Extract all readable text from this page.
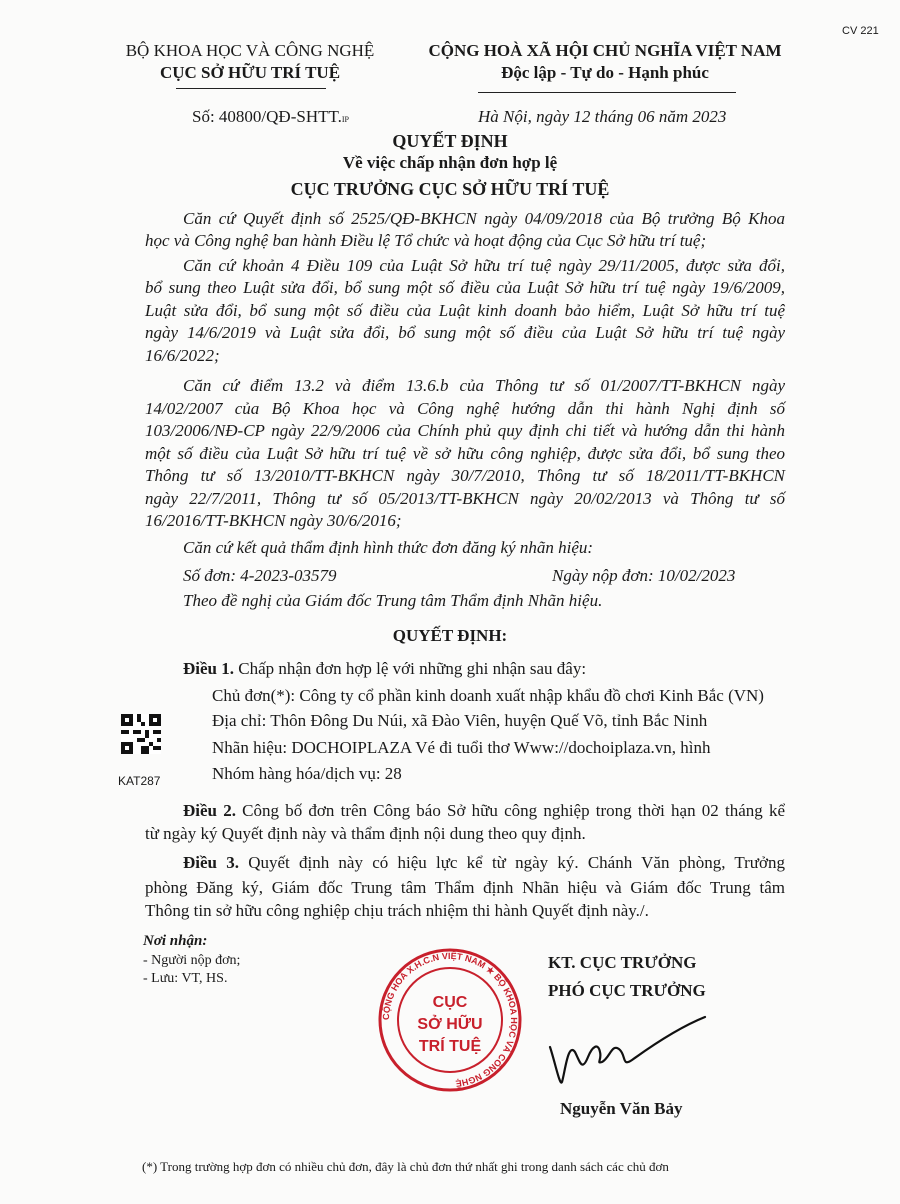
CV 221
BỘ KHOA HỌC VÀ CÔNG NGHỆ
CỤC SỞ HỮU TRÍ TUỆ
CỘNG HOÀ XÃ HỘI CHỦ NGHĨA VIỆT NAM
Độc lập - Tự do - Hạnh phúc
Số: 40800/QĐ-SHTT.IP	Hà Nội, ngày 12 tháng 06 năm 2023
QUYẾT ĐỊNH
Về việc chấp nhận đơn hợp lệ
CỤC TRƯỞNG CỤC SỞ HỮU TRÍ TUỆ
Căn cứ Quyết định số 2525/QĐ-BKHCN ngày 04/09/2018 của Bộ trưởng Bộ Khoa
học và Công nghệ ban hành Điều lệ Tổ chức và hoạt động của Cục Sở hữu trí tuệ;
Căn cứ khoản 4 Điều 109 của Luật Sở hữu trí tuệ ngày 29/11/2005, được sửa đổi,
bổ sung theo Luật sửa đổi, bổ sung một số điều của Luật Sở hữu trí tuệ ngày 19/6/2009,
Luật sửa đổi, bổ sung một số điều của Luật kinh doanh bảo hiểm, Luật Sở hữu trí tuệ
ngày 14/6/2019 và Luật sửa đổi, bổ sung một số điều của Luật Sở hữu trí tuệ ngày
16/6/2022;
Căn cứ điểm 13.2 và điểm 13.6.b của Thông tư số 01/2007/TT-BKHCN ngày
14/02/2007 của Bộ Khoa học và Công nghệ hướng dẫn thi hành Nghị định số
103/2006/NĐ-CP ngày 22/9/2006 của Chính phủ quy định chi tiết và hướng dẫn thi hành
một số điều của Luật Sở hữu trí tuệ về sở hữu công nghiệp, được sửa đổi, bổ sung theo
Thông tư số 13/2010/TT-BKHCN ngày 30/7/2010, Thông tư số 18/2011/TT-BKHCN
ngày 22/7/2011, Thông tư số 05/2013/TT-BKHCN ngày 20/02/2013 và Thông tư số
16/2016/TT-BKHCN ngày 30/6/2016;
Căn cứ kết quả thẩm định hình thức đơn đăng ký nhãn hiệu:
Số đơn: 4-2023-03579	Ngày nộp đơn: 10/02/2023
Theo đề nghị của Giám đốc Trung tâm Thẩm định Nhãn hiệu.
QUYẾT ĐỊNH:
Điều 1. Chấp nhận đơn hợp lệ với những ghi nhận sau đây:
Chủ đơn(*): Công ty cổ phần kinh doanh xuất nhập khẩu đồ chơi Kinh Bắc (VN)
Địa chỉ: Thôn Đông Du Núi, xã Đào Viên, huyện Quế Võ, tỉnh Bắc Ninh
Nhãn hiệu: DOCHOIPLAZA Vé đi tuổi thơ Www://dochoiplaza.vn, hình
Nhóm hàng hóa/dịch vụ: 28
KAT287
Điều 2. Công bố đơn trên Công báo Sở hữu công nghiệp trong thời hạn 02 tháng kể
từ ngày ký Quyết định này và thẩm định nội dung theo quy định.
Điều 3. Quyết định này có hiệu lực kể từ ngày ký. Chánh Văn phòng, Trưởng
phòng Đăng ký, Giám đốc Trung tâm Thẩm định Nhãn hiệu và Giám đốc Trung tâm
Thông tin sở hữu công nghiệp chịu trách nhiệm thi hành Quyết định này./.
Nơi nhận:
- Người nộp đơn;
- Lưu: VT, HS.
KT. CỤC TRƯỞNG
PHÓ CỤC TRƯỞNG
CỘNG HOÀ X.H.C.N VIỆT NAM ★ BỘ KHOA HỌC VÀ CÔNG NGHỆ
CỤC
SỞ HỮU
TRÍ TUỆ
Nguyễn Văn Bảy
(*) Trong trường hợp đơn có nhiều chủ đơn, đây là chủ đơn thứ nhất ghi trong danh sách các chủ đơn
